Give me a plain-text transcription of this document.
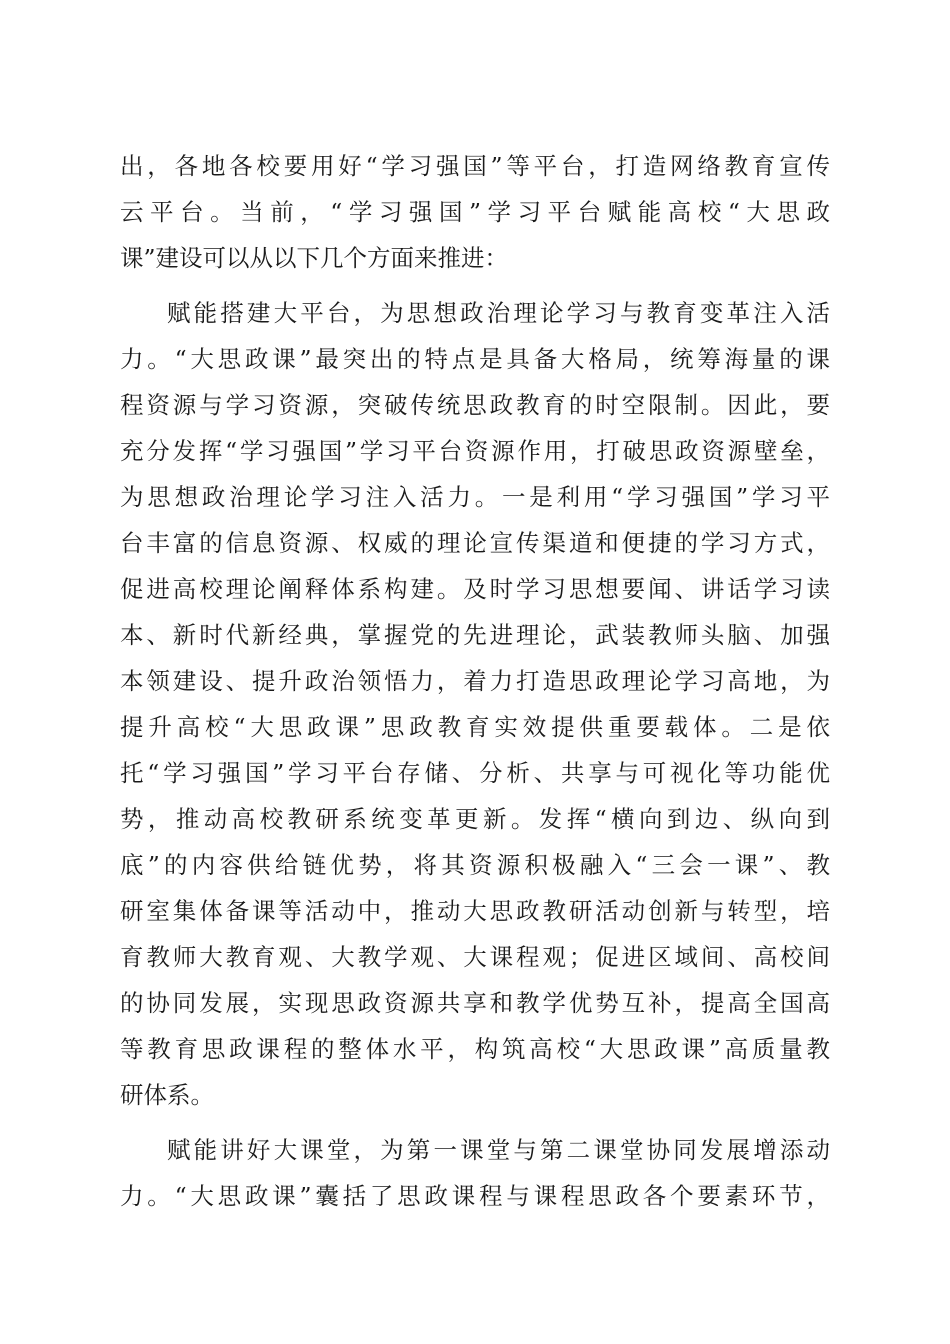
出，各地各校要用好“学习强国”等平台，打造网络教育宣传
云平台。当前，“学习强国”学习平台赋能高校“大思政
课”建设可以从以下几个方面来推进：
赋能搭建大平台，为思想政治理论学习与教育变革注入活
力。“大思政课”最突出的特点是具备大格局，统筹海量的课
程资源与学习资源，突破传统思政教育的时空限制。因此，要
充分发挥“学习强国”学习平台资源作用，打破思政资源壁垒，
为思想政治理论学习注入活力。一是利用“学习强国”学习平
台丰富的信息资源、权威的理论宣传渠道和便捷的学习方式，
促进高校理论阐释体系构建。及时学习思想要闻、讲话学习读
本、新时代新经典，掌握党的先进理论，武装教师头脑、加强
本领建设、提升政治领悟力，着力打造思政理论学习高地，为
提升高校“大思政课”思政教育实效提供重要载体。二是依
托“学习强国”学习平台存储、分析、共享与可视化等功能优
势，推动高校教研系统变革更新。发挥“横向到边、纵向到
底”的内容供给链优势，将其资源积极融入“三会一课”、教
研室集体备课等活动中，推动大思政教研活动创新与转型，培
育教师大教育观、大教学观、大课程观；促进区域间、高校间
的协同发展，实现思政资源共享和教学优势互补，提高全国高
等教育思政课程的整体水平，构筑高校“大思政课”高质量教
研体系。
赋能讲好大课堂，为第一课堂与第二课堂协同发展增添动
力。“大思政课”囊括了思政课程与课程思政各个要素环节，
